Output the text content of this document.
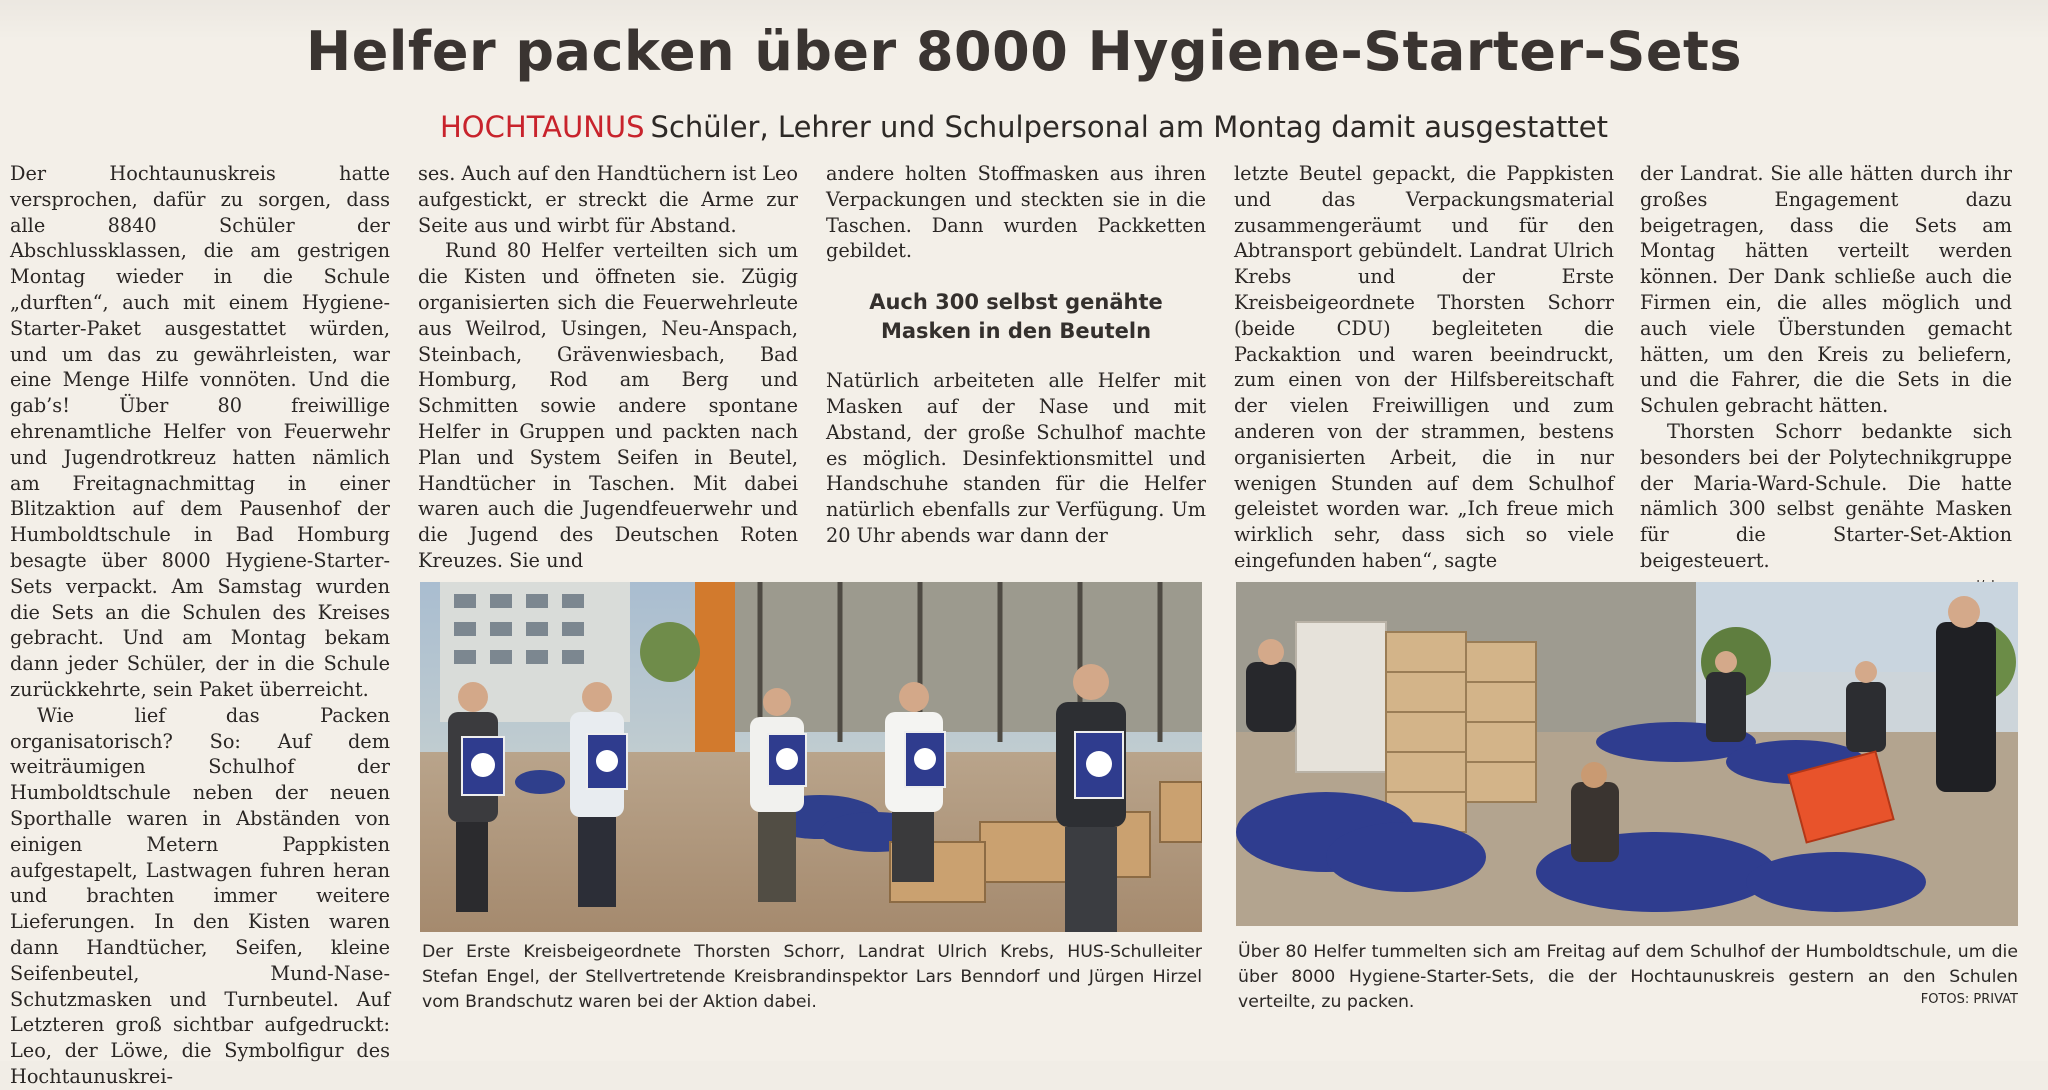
Helfer packen über 8000 Hygiene-Starter-Sets
HOCHTAUNUS Schüler, Lehrer und Schulpersonal am Montag damit ausgestattet

Der Hochtaunuskreis hatte versprochen, dafür zu sorgen, dass alle 8840 Schüler der Abschlussklassen, die am gestrigen Montag wieder in die Schule „durften“, auch mit einem Hygiene-Starter-Paket ausgestattet würden, und um das zu gewährleisten, war eine Menge Hilfe vonnöten. Und die gab’s! Über 80 freiwillige ehrenamtliche Helfer von Feuerwehr und Jugendrotkreuz hatten nämlich am Freitagnachmittag in einer Blitzaktion auf dem Pausenhof der Humboldtschule in Bad Homburg besagte über 8000 Hygiene-Starter-Sets verpackt. Am Samstag wurden die Sets an die Schulen des Kreises gebracht. Und am Montag bekam dann jeder Schüler, der in die Schule zurückkehrte, sein Paket überreicht.

Wie lief das Packen organisatorisch? So: Auf dem weiträumigen Schulhof der Humboldtschule neben der neuen Sporthalle waren in Abständen von einigen Metern Pappkisten aufgestapelt, Lastwagen fuhren heran und brachten immer weitere Lieferungen. In den Kisten waren dann Handtücher, Seifen, kleine Seifenbeutel, Mund-Nase-Schutzmasken und Turnbeutel. Auf Letzteren groß sichtbar aufgedruckt: Leo, der Löwe, die Symbolfigur des Hochtaunuskrei-

ses. Auch auf den Handtüchern ist Leo aufgestickt, er streckt die Arme zur Seite aus und wirbt für Abstand.

Rund 80 Helfer verteilten sich um die Kisten und öffneten sie. Zügig organisierten sich die Feuerwehrleute aus Weilrod, Usingen, Neu-Anspach, Steinbach, Grävenwiesbach, Bad Homburg, Rod am Berg und Schmitten sowie andere spontane Helfer in Gruppen und packten nach Plan und System Seifen in Beutel, Handtücher in Taschen. Mit dabei waren auch die Jugendfeuerwehr und die Jugend des Deutschen Roten Kreuzes. Sie und

andere holten Stoffmasken aus ihren Verpackungen und steckten sie in die Taschen. Dann wurden Packketten gebildet.

Auch 300 selbst genähte
Masken in den Beuteln

Natürlich arbeiteten alle Helfer mit Masken auf der Nase und mit Abstand, der große Schulhof machte es möglich. Desinfektionsmittel und Handschuhe standen für die Helfer natürlich ebenfalls zur Verfügung. Um 20 Uhr abends war dann der

letzte Beutel gepackt, die Pappkisten und das Verpackungsmaterial zusammengeräumt und für den Abtransport gebündelt. Landrat Ulrich Krebs und der Erste Kreisbeigeordnete Thorsten Schorr (beide CDU) begleiteten die Packaktion und waren beeindruckt, zum einen von der Hilfsbereitschaft der vielen Freiwilligen und zum anderen von der strammen, bestens organisierten Arbeit, die in nur wenigen Stunden auf dem Schulhof geleistet worden war. „Ich freue mich wirklich sehr, dass sich so viele eingefunden haben“, sagte

der Landrat. Sie alle hätten durch ihr großes Engagement dazu beigetragen, dass die Sets am Montag hätten verteilt werden können. Der Dank schließe auch die Firmen ein, die alles möglich und auch viele Überstunden gemacht hätten, um den Kreis zu beliefern, und die Fahrer, die die Sets in die Schulen gebracht hätten.

Thorsten Schorr bedankte sich besonders bei der Polytechnikgruppe der Maria-Ward-Schule. Die hatte nämlich 300 selbst genähte Masken für die Starter-Set-Aktion beigesteuert.

Der Erste Kreisbeigeordnete Thorsten Schorr, Landrat Ulrich Krebs, HUS-Schulleiter Stefan Engel, der Stellvertretende Kreisbrandinspektor Lars Benndorf und Jürgen Hirzel vom Brandschutz waren bei der Aktion dabei.
Über 80 Helfer tummelten sich am Freitag auf dem Schulhof der Humboldtschule, um die über 8000 Hygiene-Starter-Sets, die der Hochtaunuskreis gestern an den Schulen verteilte, zu packen.	FOTOS: PRIVAT
